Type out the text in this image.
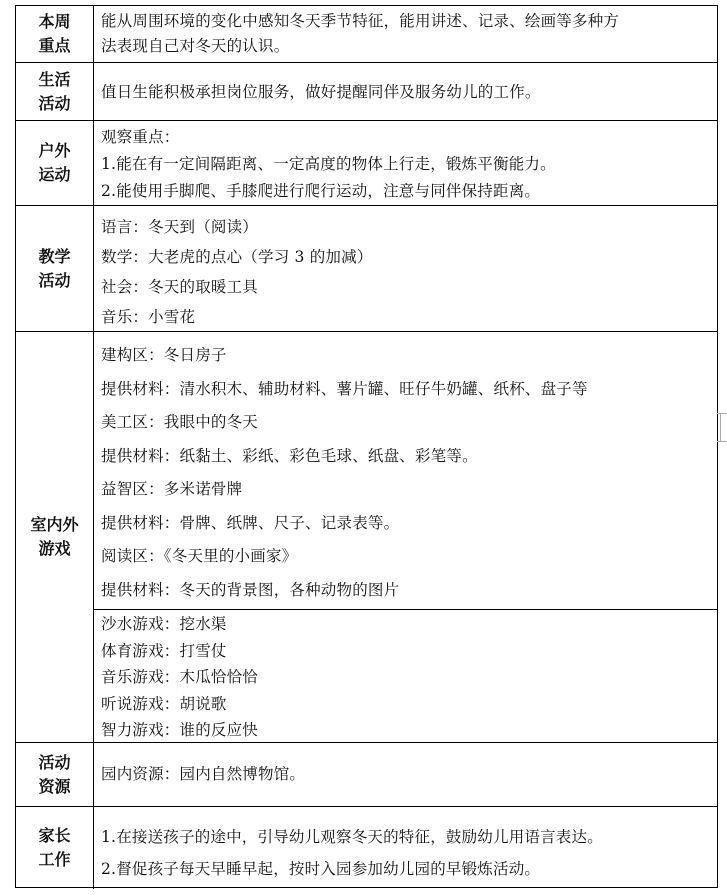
本周
重点
能从周围环境的变化中感知冬天季节特征，能用讲述、记录、绘画等多种方
法表现自己对冬天的认识。
生活
活动
值日生能积极承担岗位服务，做好提醒同伴及服务幼儿的工作。
户外
运动
观察重点：
1.能在有一定间隔距离、一定高度的物体上行走，锻炼平衡能力。
2.能使用手脚爬、手膝爬进行爬行运动，注意与同伴保持距离。
教学
活动
语言：冬天到（阅读）
数学：大老虎的点心（学习 3 的加减）
社会：冬天的取暖工具
音乐：小雪花
室内外
游戏
建构区：冬日房子
提供材料：清水积木、辅助材料、薯片罐、旺仔牛奶罐、纸杯、盘子等
美工区：我眼中的冬天
提供材料：纸黏土、彩纸、彩色毛球、纸盘、彩笔等。
益智区：多米诺骨牌
提供材料：骨牌、纸牌、尺子、记录表等。
阅读区：《冬天里的小画家》
提供材料：冬天的背景图，各种动物的图片
沙水游戏：挖水渠
体育游戏：打雪仗
音乐游戏：木瓜恰恰恰
听说游戏：胡说歌
智力游戏：谁的反应快
活动
资源
园内资源：园内自然博物馆。
家长
工作
1.在接送孩子的途中，引导幼儿观察冬天的特征，鼓励幼儿用语言表达。
2.督促孩子每天早睡早起，按时入园参加幼儿园的早锻炼活动。
